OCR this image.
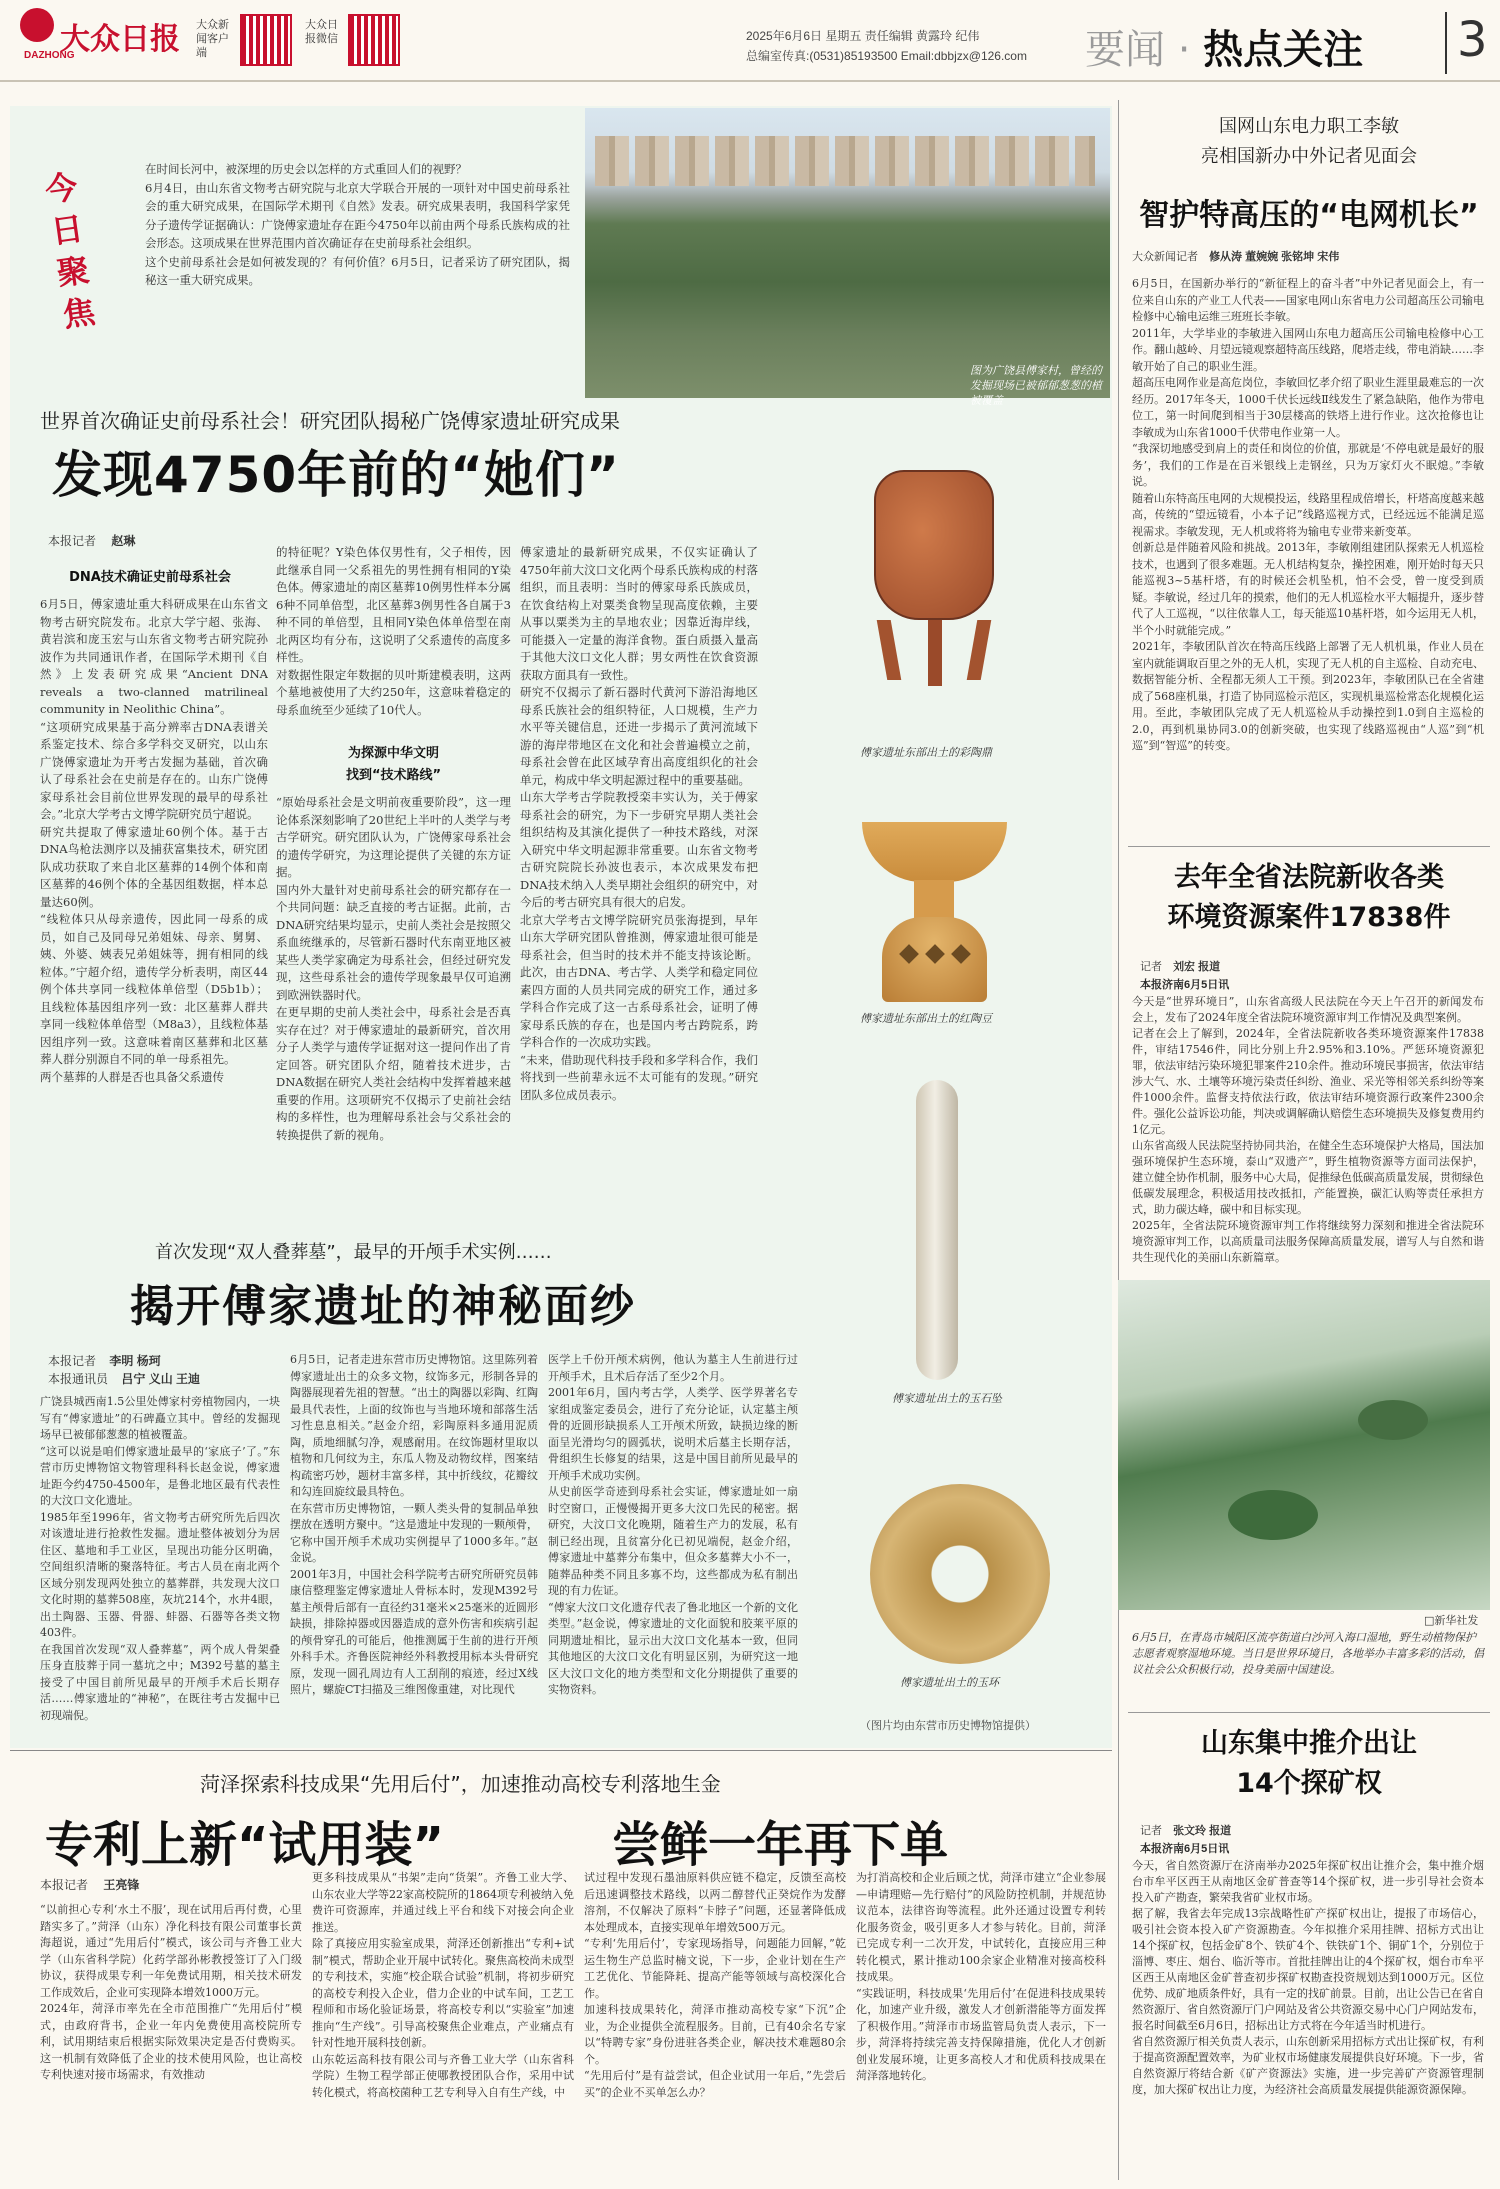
大众日报
DAZHONG
大众新闻客户端
大众日报微信	2025年6月6日 星期五 责任编辑 黄露玲 纪伟
总编室传真:(0531)85193500 Email:dbbjzx@126.com 要闻 · 热点关注 3
今日聚焦
在时间长河中，被深埋的历史会以怎样的方式重回人们的视野？
6月4日，由山东省文物考古研究院与北京大学联合开展的一项针对中国史前母系社会的重大研究成果，在国际学术期刊《自然》发表。研究成果表明，我国科学家凭分子遗传学证据确认：广饶傅家遗址存在距今4750年以前由两个母系氏族构成的社会形态。这项成果在世界范围内首次确证存在史前母系社会组织。
这个史前母系社会是如何被发现的？有何价值？6月5日，记者采访了研究团队，揭秘这一重大研究成果。
图为广饶县傅家村，曾经的发掘现场已被郁郁葱葱的植被覆盖
世界首次确证史前母系社会！研究团队揭秘广饶傅家遗址研究成果
发现4750年前的“她们”
本报记者 赵琳
DNA技术确证史前母系社会
6月5日，傅家遗址重大科研成果在山东省文物考古研究院发布。北京大学宁超、张海、黄岩滨和庞玉宏与山东省文物考古研究院孙波作为共同通讯作者，在国际学术期刊《自然》上发表研究成果“Ancient DNA reveals a two-clanned matrilineal community in Neolithic China”。
“这项研究成果基于高分辨率古DNA表谱关系鉴定技术、综合多学科交叉研究，以山东广饶傅家遗址为开考古发掘为基础，首次确认了母系社会在史前是存在的。山东广饶傅家母系社会目前位世界发现的最早的母系社会。”北京大学考古文博学院研究员宁超说。
研究共提取了傅家遗址60例个体。基于古DNA鸟枪法测序以及捕获富集技术，研究团队成功获取了来自北区墓葬的14例个体和南区墓葬的46例个体的全基因组数据，样本总量达60例。
“线粒体只从母亲遗传，因此同一母系的成员，如自己及同母兄弟姐妹、母亲、舅舅、姨、外婆、姨表兄弟姐妹等，拥有相同的线粒体。”宁超介绍，遗传学分析表明，南区44例个体共享同一线粒体单倍型（D5b1b）；且线粒体基因组序列一致：北区墓葬人群共享同一线粒体单倍型（M8a3），且线粒体基因组序列一致。这意味着南区墓葬和北区墓葬人群分别源自不同的单一母系祖先。
两个墓葬的人群是否也具备父系遗传
的特征呢？Y染色体仅男性有，父子相传，因此继承自同一父系祖先的男性拥有相同的Y染色体。傅家遗址的南区墓葬10例男性样本分属6种不同单倍型，北区墓葬3例男性各自属于3种不同的单倍型，且相同Y染色体单倍型在南北两区均有分布，这说明了父系遗传的高度多样性。
对数据性限定年数据的贝叶斯建模表明，这两个墓地被使用了大约250年，这意味着稳定的母系血统至少延续了10代人。
为探源中华文明
找到“技术路线”
“原始母系社会是文明前夜重要阶段”，这一理论体系深刻影响了20世纪上半叶的人类学与考古学研究。研究团队认为，广饶傅家母系社会的遗传学研究，为这理论提供了关键的东方证据。
国内外大量针对史前母系社会的研究都存在一个共同问题：缺乏直接的考古证据。此前，古DNA研究结果均显示，史前人类社会是按照父系血统继承的，尽管新石器时代东南亚地区被某些人类学家确定为母系社会，但经过研究发现，这些母系社会的遗传学现象最早仅可追溯到欧洲铁器时代。
在更早期的史前人类社会中，母系社会是否真实存在过？对于傅家遗址的最新研究，首次用分子人类学与遗传学证据对这一提问作出了肯定回答。研究团队介绍，随着技术进步，古DNA数据在研究人类社会结构中发挥着越来越重要的作用。这项研究不仅揭示了史前社会结构的多样性，也为理解母系社会与父系社会的转换提供了新的视角。
傅家遗址的最新研究成果，不仅实证确认了4750年前大汶口文化两个母系氏族构成的村落组织，而且表明：当时的傅家母系氏族成员，在饮食结构上对粟类食物呈现高度依赖，主要从事以粟类为主的旱地农业；因靠近海岸线，可能摄入一定量的海洋食物。蛋白质摄入量高于其他大汶口文化人群；男女两性在饮食资源获取方面具有一致性。
研究不仅揭示了新石器时代黄河下游沿海地区母系氏族社会的组织特征，人口规模，生产力水平等关键信息，还进一步揭示了黄河流域下游的海岸带地区在文化和社会普遍模立之前，母系社会曾在此区域孕育出高度组织化的社会单元，构成中华文明起源过程中的重要基础。
山东大学考古学院教授栾丰实认为，关于傅家母系社会的研究，为下一步研究早期人类社会组织结构及其演化提供了一种技术路线，对深入研究中华文明起源非常重要。山东省文物考古研究院院长孙波也表示，本次成果发布把DNA技术纳入人类早期社会组织的研究中，对今后的考古研究具有很大的启发。
北京大学考古文博学院研究员张海提到，早年山东大学研究团队曾推测，傅家遗址很可能是母系社会，但当时的技术并不能支持该论断。此次，由古DNA、考古学、人类学和稳定同位素四方面的人员共同完成的研究工作，通过多学科合作完成了这一古系母系社会，证明了傅家母系氏族的存在，也是国内考古跨院系，跨学科合作的一次成功实践。
“未来，借助现代科技手段和多学科合作，我们将找到一些前辈永远不太可能有的发现。”研究团队多位成员表示。
傅家遗址东部出土的彩陶鼎
傅家遗址东部出土的红陶豆
傅家遗址出土的玉石坠
傅家遗址出土的玉环
（图片均由东营市历史博物馆提供）
首次发现“双人叠葬墓”，最早的开颅手术实例……
揭开傅家遗址的神秘面纱
本报记者 李明 杨珂
本报通讯员 吕宁 义山 王迪
广饶县城西南1.5公里处傅家村旁植物园内，一块写有“傅家遗址”的石碑矗立其中。曾经的发掘现场早已被郁郁葱葱的植被覆盖。
“这可以说是咱们傅家遗址最早的‘家底子’了。”东营市历史博物馆文物管理科科长赵金说，傅家遗址距今约4750-4500年，是鲁北地区最有代表性的大汶口文化遗址。
1985年至1996年，省文物考古研究所先后四次对该遗址进行抢救性发掘。遗址整体被划分为居住区、墓地和手工业区，呈现出功能分区明确，空间组织清晰的聚落特征。考古人员在南北两个区域分别发现两处独立的墓葬群，共发现大汶口文化时期的墓葬508座，灰坑214个，水井4眼，出土陶器、玉器、骨器、蚌器、石器等各类文物403件。
在我国首次发现“双人叠葬墓”，两个成人骨架叠压身直肢葬于同一墓坑之中；M392号墓的墓主接受了中国目前所见最早的开颅手术后长期存活……傅家遗址的“神秘”，在既往考古发掘中已初现端倪。
6月5日，记者走进东营市历史博物馆。这里陈列着傅家遗址出土的众多文物，纹饰多元，形制各异的陶器展现着先祖的智慧。“出土的陶器以彩陶、红陶最具代表性，上面的纹饰也与当地环境和部落生活习性息息相关。”赵金介绍，彩陶原料多通用泥质陶，质地细腻匀净，观感耐用。在纹饰题材里取以植物和几何纹为主，东瓜人物及动物纹样，图案结构疏密巧妙，题材丰富多样，其中折线纹，花瓣纹和勾连回旋纹最具特色。
在东营市历史博物馆，一颗人类头骨的复制品单独摆放在透明方聚中。“这是遗址中发现的一颗颅骨，它称中国开颅手术成功实例提早了1000多年。”赵金说。
2001年3月，中国社会科学院考古研究所研究员韩康信整理鉴定傅家遗址人骨标本时，发现M392号墓主颅骨后部有一直径约31毫米×25毫米的近圆形缺损，排除掉器或因器造成的意外伤害和疾病引起的颅骨穿孔的可能后，他推测属于生前的进行开颅外科手术。齐鲁医院神经外科教授用标本头骨研究原，发现一圆孔周边有人工刮削的痕迹，经过X线照片，螺旋CT扫描及三维图像重建，对比现代
医学上千份开颅术病例，他认为墓主人生前进行过开颅手术，且术后存活了至少2个月。
2001年6月，国内考古学，人类学、医学界著名专家组成鉴定委员会，进行了充分论证，认定墓主颅骨的近圆形缺损系人工开颅术所致，缺损边缘的断面呈光滑均匀的圆弧状，说明术后墓主长期存活，骨组织生长修复的结果，这是中国目前所见最早的开颅手术成功实例。
从史前医学奇迹到母系社会实证，傅家遗址如一扇时空窗口，正慢慢揭开更多大汶口先民的秘密。据研究，大汶口文化晚期，随着生产力的发展，私有制已经出现，且贫富分化已初见端倪，赵金介绍，傅家遗址中墓葬分布集中，但众多墓葬大小不一，随葬品种类不同且多寡不均，这些都成为私有制出现的有力佐证。
“傅家大汶口文化遗存代表了鲁北地区一个新的文化类型。”赵金说，傅家遗址的文化面貌和胶莱平原的同期遗址相比，显示出大汶口文化基本一致，但同其他地区的大汶口文化有明显区别，为研究这一地区大汶口文化的地方类型和文化分期提供了重要的实物资料。
菏泽探索科技成果“先用后付”，加速推动高校专利落地生金
专利上新“试用装”	尝鲜一年再下单
本报记者 王亮锋
“以前担心专利‘水土不服’，现在试用后再付费，心里踏实多了。”菏泽（山东）净化科技有限公司董事长黄海超说，通过“先用后付”模式，该公司与齐鲁工业大学（山东省科学院）化药学部孙彬教授签订了入门级协议，获得成果专利一年免费试用期，相关技术研发工作成效后，企业可实现降本增效1000万元。
2024年，菏泽市率先在全市范围推广“先用后付”模式，由政府背书，企业一年内免费使用高校院所专利，试用期结束后根据实际效果决定是否付费购买。这一机制有效降低了企业的技术使用风险，也让高校专利快速对接市场需求，有效推动
更多科技成果从“书架”走向“货架”。齐鲁工业大学、山东农业大学等22家高校院所的1864项专利被纳入免费许可资源库，并通过线上平台和线下对接会向企业推送。
除了真接应用实验室成果，菏泽还创新推出“专利+试制”模式，帮助企业开展中试转化。聚焦高校尚未成型的专利技术，实施“校企联合试验”机制，将初步研究的高校专利投入企业，借力企业的中试车间，工艺工程师和市场化验证场景，将高校专利以“实验室”加速推向“生产线”。引导高校聚焦企业难点，产业痛点有针对性地开展科技创新。
山东乾运高科技有限公司与齐鲁工业大学（山东省科学院）生物工程学部正使哪教授团队合作，采用中试转化模式，将高校菌种工艺专利导入自有生产线，中
试过程中发现石墨油原料供应链不稳定，反馈至高校后迅速调整技术路线，以两二醇替代正癸烷作为发酵溶剂，不仅解决了原料“卡脖子”问题，还显著降低成本处理成本，直接实现单年增效500万元。
“专利‘先用后付’，专家现场指导，问题能力回解，”乾运生物生产总监时楠文说，下一步，企业计划在生产工艺优化、节能降耗、提高产能等领域与高校深化合作。
加速科技成果转化，菏泽市推动高校专家“下沉”企业，为企业提供全流程服务。目前，已有40余名专家以“特聘专家”身份进驻各类企业，解决技术难题80余个。
“先用后付”是有益尝试，但企业试用一年后，”先尝后买”的企业不买单怎么办？
为打消高校和企业后顾之忧，菏泽市建立“企业参展—申请理赔—先行赔付”的风险防控机制，并规范协议范本，法律咨询等流程。此外还通过设置专利转化服务资金，吸引更多人才参与转化。目前，菏泽已完成专利一二次开发，中试转化，直接应用三种转化模式，累计推动100余家企业精准对接高校科技成果。
“实践证明，科技成果‘先用后付’在促进科技成果转化，加速产业升级，激发人才创新潜能等方面发挥了积极作用。”菏泽市市场监管局负责人表示，下一步，菏泽将持续完善支持保障措施，优化人才创新创业发展环境，让更多高校人才和优质科技成果在菏泽落地转化。
国网山东电力职工李敏
亮相国新办中外记者见面会
智护特高压的“电网机长”
大众新闻记者 修从涛 董婉婉 张铭坤 宋伟
6月5日，在国新办举行的“新征程上的奋斗者”中外记者见面会上，有一位来自山东的产业工人代表——国家电网山东省电力公司超高压公司输电检修中心输电运维三班班长李敏。
2011年，大学毕业的李敏进入国网山东电力超高压公司输电检修中心工作。翻山越岭、月望远镜观察超特高压线路，爬塔走线，带电消缺……李敏开始了自己的职业生涯。
超高压电网作业是高危岗位，李敏回忆孝介绍了职业生涯里最难忘的一次经历。2017年冬天，1000千伏长远线Ⅱ线发生了紧急缺陷，他作为带电位工，第一时间爬到相当于30层楼高的铁塔上进行作业。这次抢修也让李敏成为山东省1000千伏带电作业第一人。
“我深切地感受到肩上的责任和岗位的价值，那就是‘不停电就是最好的服务’，我们的工作是在百米银线上走钢丝，只为万家灯火不眠熄。”李敏说。
随着山东特高压电网的大规模投运，线路里程成倍增长，杆塔高度越来越高，传统的“望远镜看，小本子记”线路巡视方式，已经远远不能满足巡视需求。李敏发现，无人机或将将为输电专业带来新变革。
创新总是伴随着风险和挑战。2013年，李敏刚组建团队探索无人机巡检技术，也遇到了很多难题。无人机结构复杂，操控困难，刚开始时每天只能巡视3~5基杆塔，有的时候还会机坠机，怕不会受，曾一度受到质疑。李敏说，经过几年的摸索，他们的无人机巡检水平大幅提升，逐步替代了人工巡视，“以往依靠人工，每天能巡10基杆塔，如今运用无人机，半个小时就能完成。”
2021年，李敏团队首次在特高压线路上部署了无人机机巢，作业人员在室内就能调取百里之外的无人机，实现了无人机的自主巡检、自动充电、数据智能分析、全程都无须人工干预。到2023年，李敏团队已在全省建成了568座机巢，打造了协同巡检示范区，实现机巢巡检常态化规模化运用。至此，李敏团队完成了无人机巡检从手动操控到1.0到自主巡检的2.0，再到机巢协同3.0的创新突破，也实现了线路巡视由“人巡”到“机巡”到“智巡”的转变。
去年全省法院新收各类
环境资源案件17838件
记者 刘宏 报道
本报济南6月5日讯
今天是“世界环境日”，山东省高级人民法院在今天上午召开的新闻发布会上，发布了2024年度全省法院环境资源审判工作情况及典型案例。
记者在会上了解到，2024年，全省法院新收各类环境资源案件17838件，审结17546件，同比分别上升2.95%和3.10%。严惩环境资源犯罪，依法审结污染环境犯罪案件210余件。推动环境民事损害，依法审结涉大气、水、土壤等环境污染责任纠纷、渔业、采光等相邻关系纠纷等案件1000余件。监督支持依法行政，依法审结环境资源行政案件2300余件。强化公益诉讼功能，判决或调解确认赔偿生态环境损失及修复费用约1亿元。
山东省高级人民法院坚持协同共治，在健全生态环境保护大格局，国法加强环境保护生态环境，泰山“双遗产”，野生植物资源等方面司法保护，建立健全协作机制，服务中心大局，促推绿色低碳高质量发展，贯彻绿色低碳发展理念，积极适用技改抵扣，产能置换，碳汇认购等责任承担方式，助力碳达峰，碳中和目标实现。
2025年，全省法院环境资源审判工作将继续努力深刻和推进全省法院环境资源审判工作，以高质量司法服务保障高质量发展，谱写人与自然和谐共生现代化的美丽山东新篇章。
□新华社发
6月5日，在青岛市城阳区流亭街道白沙河入海口湿地，野生动植物保护志愿者观察湿地环境。当日是世界环境日，各地举办丰富多彩的活动，倡议社会公众积极行动，投身美丽中国建设。
山东集中推介出让
14个探矿权
记者 张文玲 报道
本报济南6月5日讯
今天，省自然资源厅在济南举办2025年探矿权出让推介会，集中推介烟台市牟平区西王从南地区金矿普查等14个探矿权，进一步引导社会资本投入矿产勘查，繁荣我省矿业权市场。
据了解，我省去年完成13宗战略性矿产探矿权出让，提报了市场信心，吸引社会资本投入矿产资源勘查。今年拟推介采用挂牌、招标方式出让14个探矿权，包括金矿8个、铁矿4个、铁铁矿1个、铜矿1个，分别位于淄博、枣庄、烟台、临沂等市。首批挂牌出让的4个探矿权，烟台市牟平区西王从南地区金矿普查初步探矿权勘查投资规划达到1000万元。区位优势、成矿地质条件好，具有一定的找矿前景。目前，出让公告已在省自然资源厅、省自然资源厅门户网站及省公共资源交易中心门户网站发布，报名时间截至6月6日，招标出让方式将在今年适当时机进行。
省自然资源厅相关负责人表示，山东创新采用招标方式出让探矿权，有利于提高资源配置效率，为矿业权市场健康发展提供良好环境。下一步，省自然资源厅将结合新《矿产资源法》实施，进一步完善矿产资源管理制度，加大探矿权出让力度，为经济社会高质量发展提供能源资源保障。
